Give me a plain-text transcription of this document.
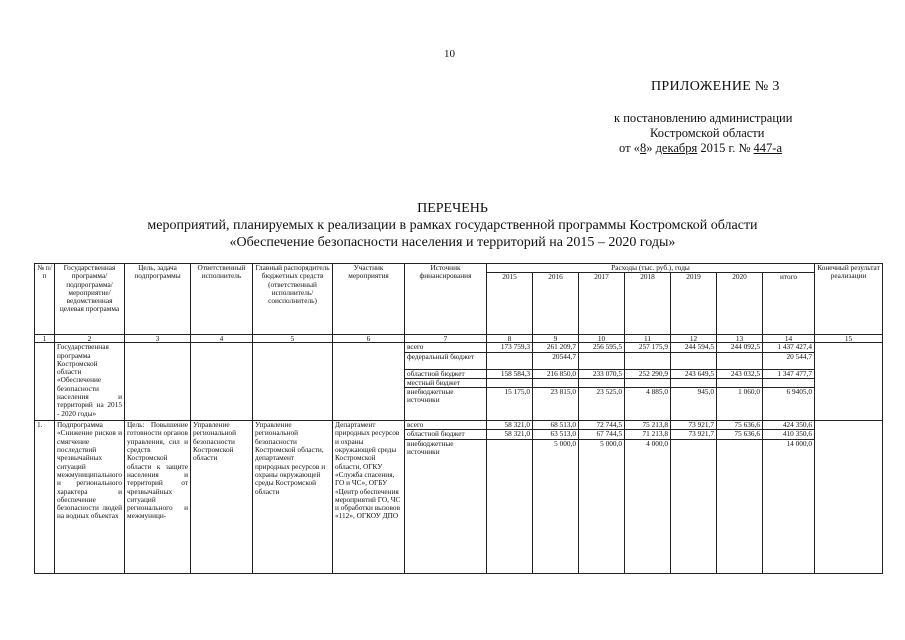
10
ПРИЛОЖЕНИЕ № 3
к постановлению администрации
Костромской области
от «8» декабря 2015 г. № 447-а
ПЕРЕЧЕНЬ
мероприятий, планируемых к реализации в рамках государственной программы Костромской области
«Обеспечение безопасности населения и территорий на 2015 – 2020 годы»
№ п/п	Государственная программа/ подпрограмма/ мероприятие/ ведомственная целевая программа	Цель, задача подпрограммы	Ответственный исполнитель	Главный распорядитель бюджетных средств (ответственный исполнитель/ соисполнитель)	Участник мероприятия	Источник финансирования	Расходы (тыс. руб.), годы							Конечный результат реализации
							2015	2016	2017	2018	2019	2020	итого	
1	2	3	4	5	6	7	8	9	10	11	12	13	14	15
	Государственная программа Костромской области «Обеспечение безопасности населения и территорий на 2015 - 2020 годы»					всего	173 759,3	261 209,7	256 595,5	257 175,9	244 594,5	244 092,5	1 437 427,4	
						федеральный бюджет		20544,7					20 544,7	
						областной бюджет	158 584,3	216 850,0	233 070,5	252 290,9	243 649,5	243 032,5	1 347 477,7	
						местный бюджет								
						внебюджетные источники	15 175,0	23 815,0	23 525,0	4 885,0	945,0	1 060,0	6 9405,0	
1.	Подпрограмма «Снижение рисков и смягчение последствий чрезвычайных ситуаций межмуниципального и регионального характера и обеспечение безопасности людей на водных объектах	Цель: Повышение готовности органов управления, сил и средств Костромской области к защите населения и территорий от чрезвычайных ситуаций регионального и межмуници-	Управление региональной безопасности Костромской области	Управление региональной безопасности Костромской области, департамент природных ресурсов и охраны окружающей среды Костромской области	Департамент природных ресурсов и охраны окружающей среды Костромской области, ОГКУ «Служба спасения, ГО и ЧС», ОГБУ «Центр обеспечения мероприятий ГО, ЧС и обработки вызовов «112», ОГКОУ ДПО	всего	58 321,0	68 513,0	72 744,5	75 213,8	73 921,7	75 636,6	424 350,6	
						областной бюджет	58 321,0	63 513,0	67 744,5	71 213,8	73 921,7	75 636,6	410 350,6	
						внебюджетные источники		5 000,0	5 000,0	4 000,0			14 000,0	
